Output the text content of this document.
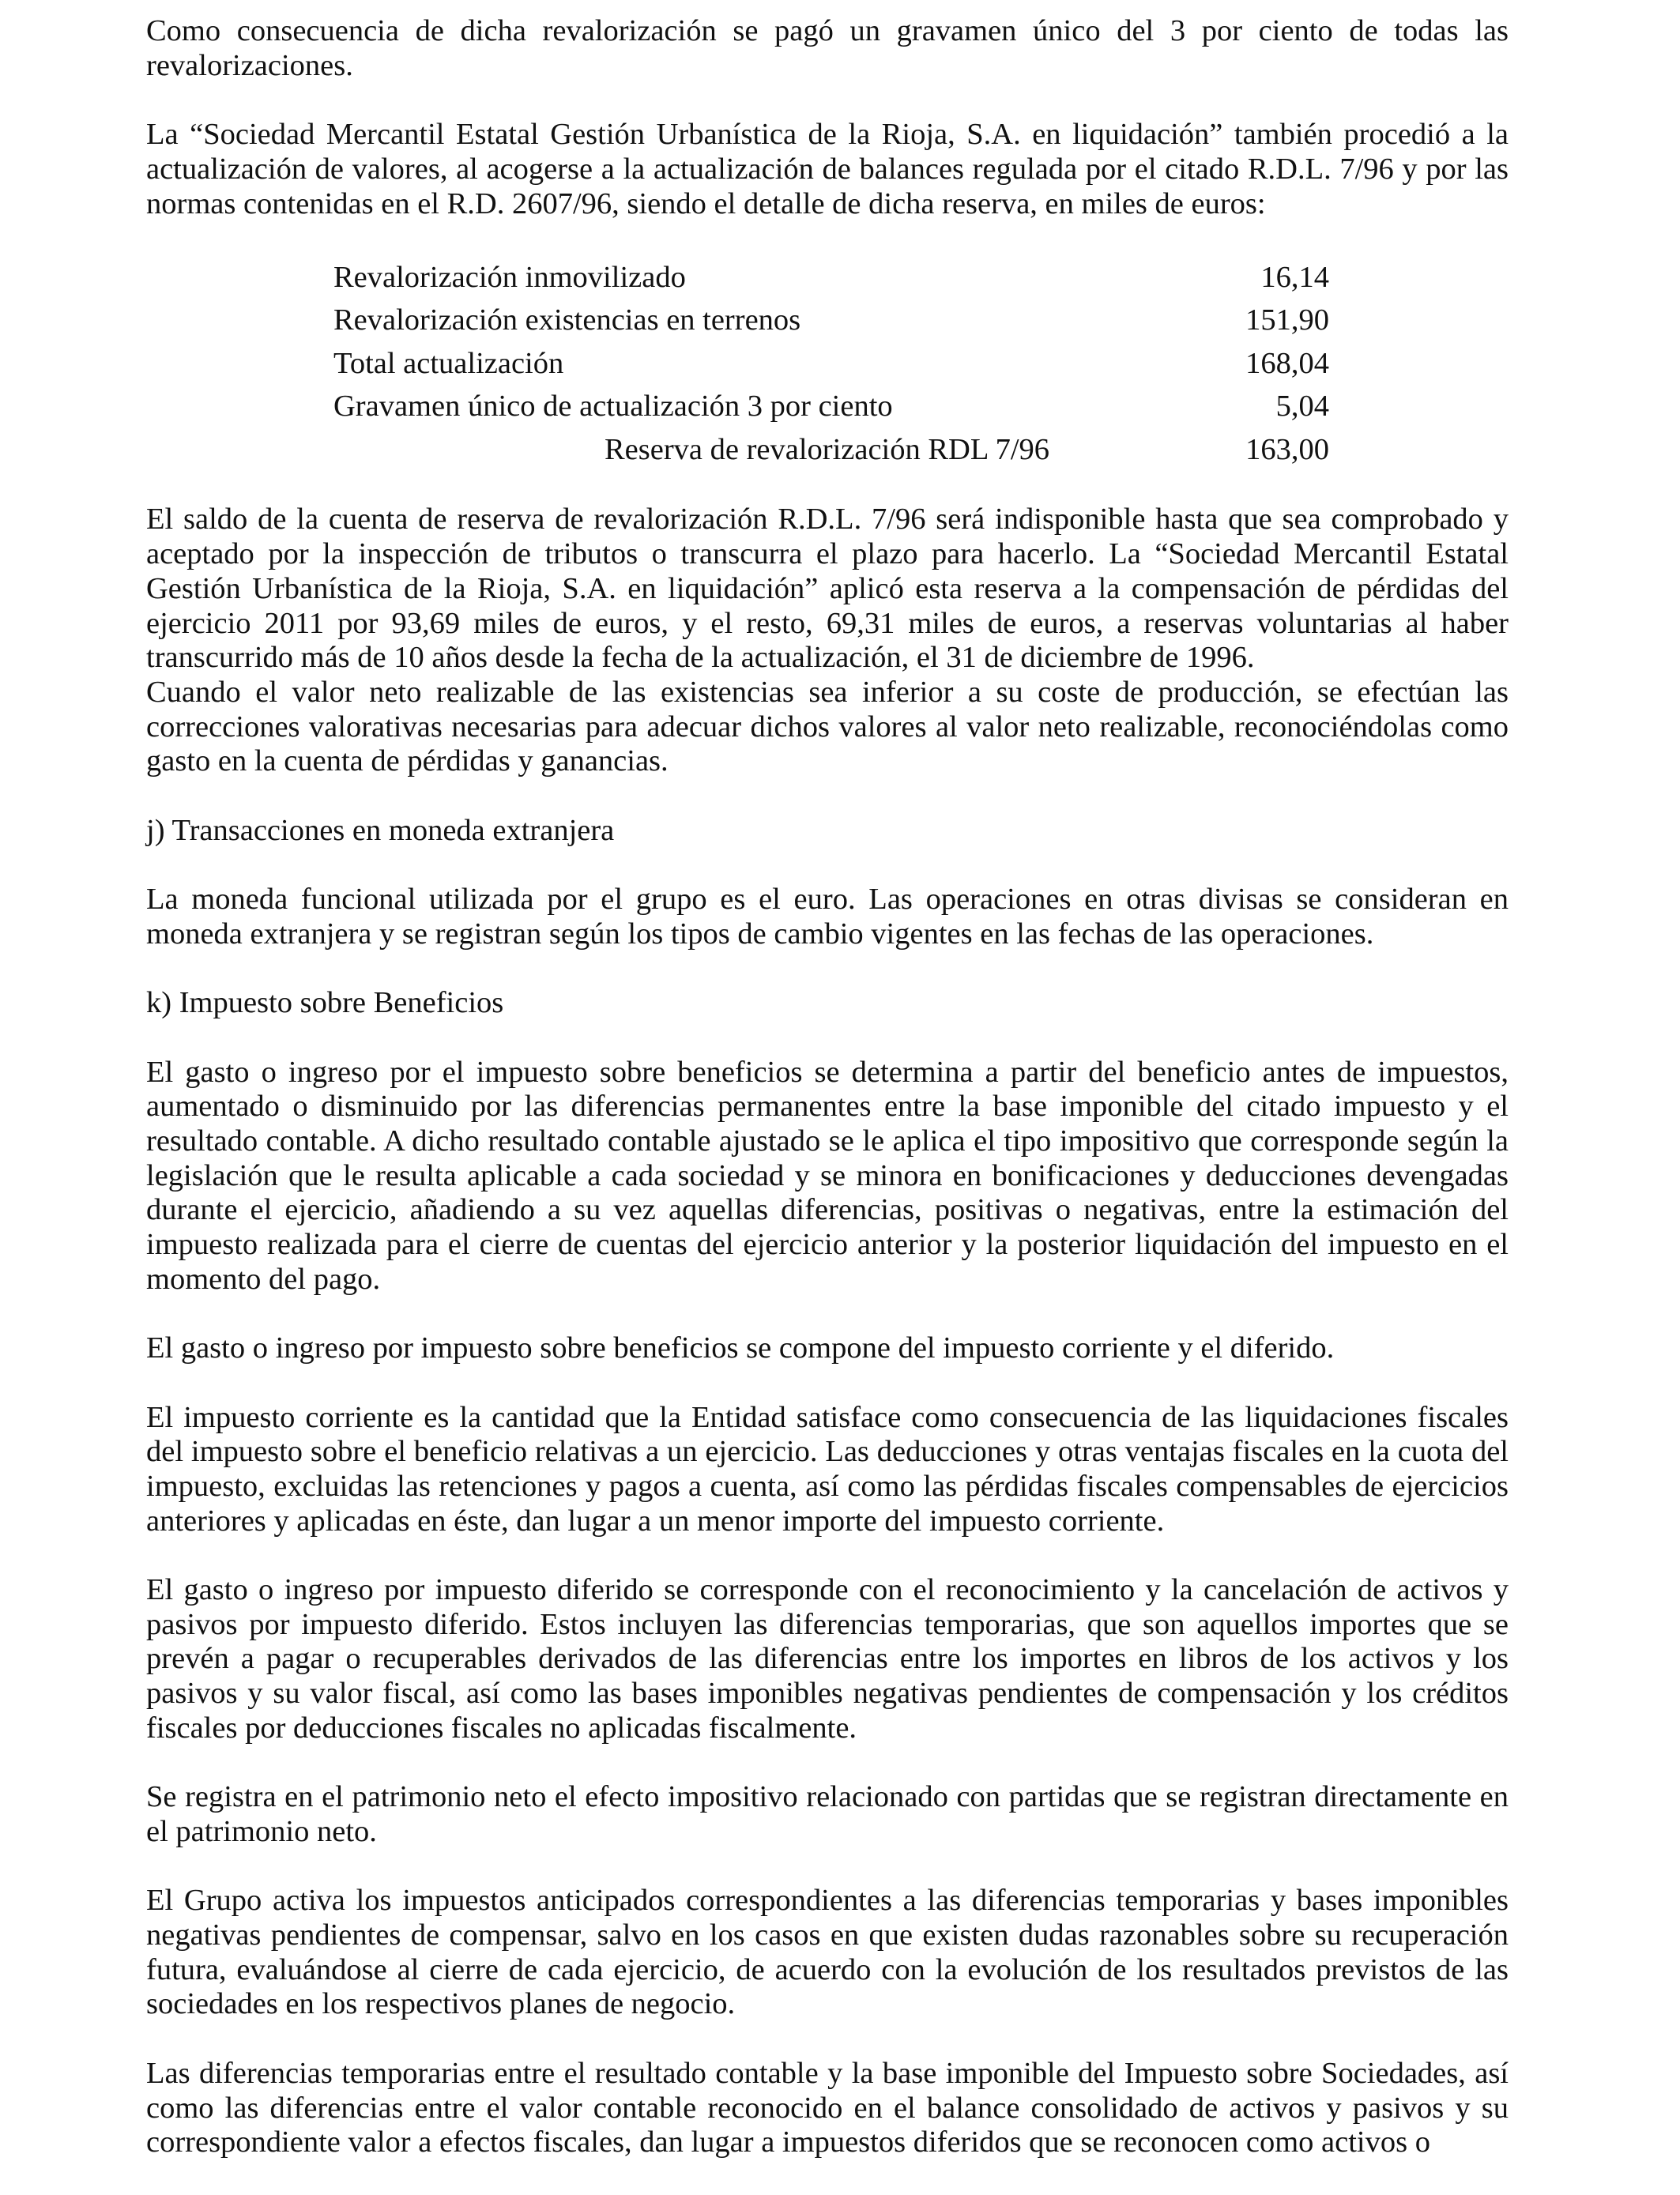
Como consecuencia de dicha revalorización se pagó un gravamen único del 3 por ciento de todas las revalorizaciones.

La “Sociedad Mercantil Estatal Gestión Urbanística de la Rioja, S.A. en liquidación” también procedió a la actualización de valores, al acogerse a la actualización de balances regulada por el citado R.D.L. 7/96 y por las normas contenidas en el R.D. 2607/96, siendo el detalle de dicha reserva, en miles de euros:

Revalorización inmovilizado	16,14
Revalorización existencias en terrenos	151,90
Total actualización	168,04
Gravamen único de actualización 3 por ciento	5,04
Reserva de revalorización RDL 7/96	163,00

El saldo de la cuenta de reserva de revalorización R.D.L. 7/96 será indisponible hasta que sea comprobado y aceptado por la inspección de tributos o transcurra el plazo para hacerlo. La “Sociedad Mercantil Estatal Gestión Urbanística de la Rioja, S.A. en liquidación” aplicó esta reserva a la compensación de pérdidas del ejercicio 2011 por 93,69 miles de euros, y el resto, 69,31 miles de euros, a reservas voluntarias al haber transcurrido más de 10 años desde la fecha de la actualización, el 31 de diciembre de 1996.

Cuando el valor neto realizable de las existencias sea inferior a su coste de producción, se efectúan las correcciones valorativas necesarias para adecuar dichos valores al valor neto realizable, reconociéndolas como gasto en la cuenta de pérdidas y ganancias.

j) Transacciones en moneda extranjera

La moneda funcional utilizada por el grupo es el euro. Las operaciones en otras divisas se consideran en moneda extranjera y se registran según los tipos de cambio vigentes en las fechas de las operaciones.

k) Impuesto sobre Beneficios

El gasto o ingreso por el impuesto sobre beneficios se determina a partir del beneficio antes de impuestos, aumentado o disminuido por las diferencias permanentes entre la base imponible del citado impuesto y el resultado contable. A dicho resultado contable ajustado se le aplica el tipo impositivo que corresponde según la legislación que le resulta aplicable a cada sociedad y se minora en bonificaciones y deducciones devengadas durante el ejercicio, añadiendo a su vez aquellas diferencias, positivas o negativas, entre la estimación del impuesto realizada para el cierre de cuentas del ejercicio anterior y la posterior liquidación del impuesto en el momento del pago.

El gasto o ingreso por impuesto sobre beneficios se compone del impuesto corriente y el diferido.

El impuesto corriente es la cantidad que la Entidad satisface como consecuencia de las liquidaciones fiscales del impuesto sobre el beneficio relativas a un ejercicio. Las deducciones y otras ventajas fiscales en la cuota del impuesto, excluidas las retenciones y pagos a cuenta, así como las pérdidas fiscales compensables de ejercicios anteriores y aplicadas en éste, dan lugar a un menor importe del impuesto corriente.

El gasto o ingreso por impuesto diferido se corresponde con el reconocimiento y la cancelación de activos y pasivos por impuesto diferido. Estos incluyen las diferencias temporarias, que son aquellos importes que se prevén a pagar o recuperables derivados de las diferencias entre los importes en libros de los activos y los pasivos y su valor fiscal, así como las bases imponibles negativas pendientes de compensación y los créditos fiscales por deducciones fiscales no aplicadas fiscalmente.

Se registra en el patrimonio neto el efecto impositivo relacionado con partidas que se registran directamente en el patrimonio neto.

El Grupo activa los impuestos anticipados correspondientes a las diferencias temporarias y bases imponibles negativas pendientes de compensar, salvo en los casos en que existen dudas razonables sobre su recuperación futura, evaluándose al cierre de cada ejercicio, de acuerdo con la evolución de los resultados previstos de las sociedades en los respectivos planes de negocio.

Las diferencias temporarias entre el resultado contable y la base imponible del Impuesto sobre Sociedades, así como las diferencias entre el valor contable reconocido en el balance consolidado de activos y pasivos y su correspondiente valor a efectos fiscales, dan lugar a impuestos diferidos que se reconocen como activos o
